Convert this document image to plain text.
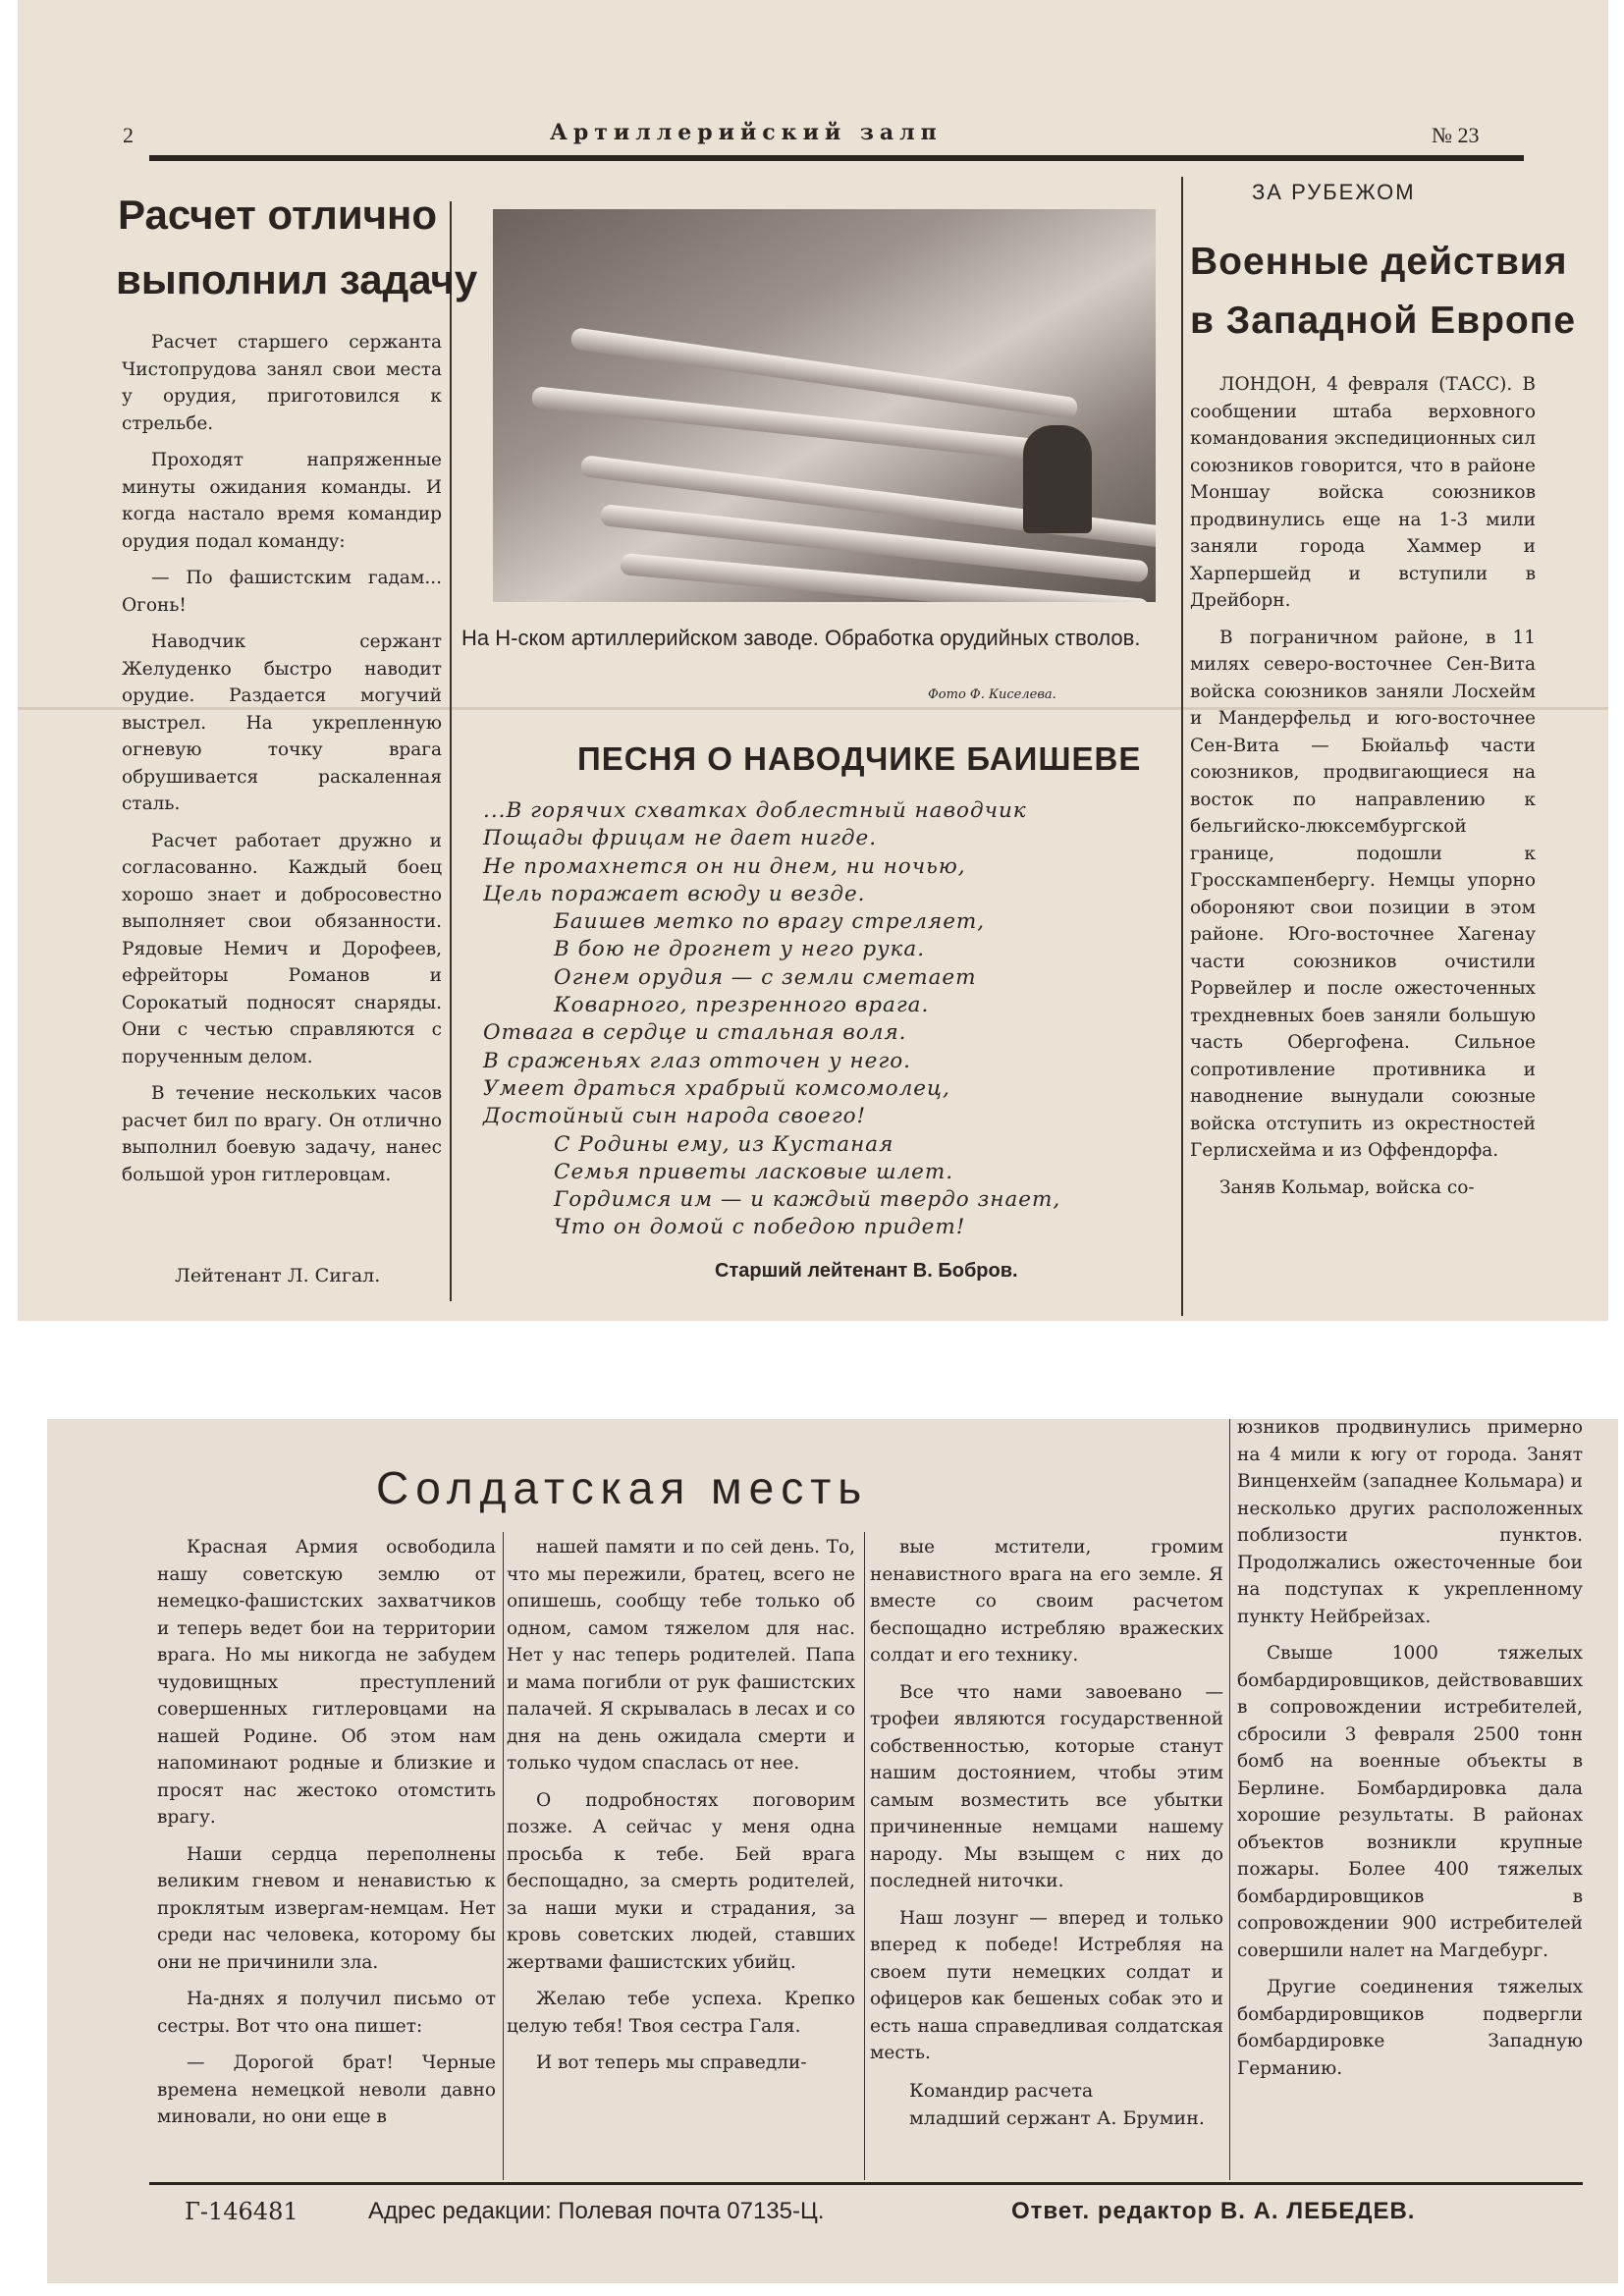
2	Артиллерийский залп	№ 23
Расчет отлично
выполнил задачу

Расчет старшего сержанта Чистопрудова занял свои места у орудия, приготовился к стрельбе.

Проходят напряженные минуты ожидания команды. И когда настало время командир орудия подал команду:

— По фашистским гадам... Огонь!

Наводчик сержант Желуденко быстро наводит орудие. Раздается могучий выстрел. На укрепленную огневую точку врага обрушивается раскаленная сталь.

Расчет работает дружно и согласованно. Каждый боец хорошо знает и добросовестно выполняет свои обязанности. Рядовые Немич и Дорофеев, ефрейторы Романов и Сорокатый подносят снаряды. Они с честью справляются с порученным делом.

В течение нескольких часов расчет бил по врагу. Он отлично выполнил боевую задачу, нанес большой урон гитлеровцам.

Лейтенант Л. Сигал.
На Н-ском артиллерийском заводе. Обработка орудийных стволов.
Фото Ф. Киселева.
ПЕСНЯ О НАВОДЧИКЕ БАИШЕВЕ
...В горячих схватках доблестный наводчик
Пощады фрицам не дает нигде.
Не промахнется он ни днем, ни ночью,
Цель поражает всюду и везде.
Баишев метко по врагу стреляет,
В бою не дрогнет у него рука.
Огнем орудия — с земли сметает
Коварного, презренного врага.
Отвага в сердце и стальная воля.
В сраженьях глаз отточен у него.
Умеет драться храбрый комсомолец,
Достойный сын народа своего!
С Родины ему, из Кустаная
Семья приветы ласковые шлет.
Гордимся им — и каждый твердо знает,
Что он домой с победою придет!
Старший лейтенант В. Бобров.
ЗА РУБЕЖОМ
Военные действия
в Западной Европе

ЛОНДОН, 4 февраля (ТАСС). В сообщении штаба верховного командования экспедиционных сил союзников говорится, что в районе Моншау войска союзников продвинулись еще на 1-3 мили заняли города Хаммер и Харпершейд и вступили в Дрейборн.

В пограничном районе, в 11 милях северо-восточнее Сен-Вита войска союзников заняли Лосхейм и Мандерфельд и юго-восточнее Сен-Вита — Бюйальф части союзников, продвигающиеся на восток по направлению к бельгийско-люксембургской границе, подошли к Гросскампенбергу. Немцы упорно обороняют свои позиции в этом районе. Юго-восточнее Хагенау части союзников очистили Рорвейлер и после ожесточенных трехдневных боев заняли большую часть Обергофена. Сильное сопротивление противника и наводнение вынудали союзные войска отступить из окрестностей Герлисхейма и из Оффендорфа.

Заняв Кольмар, войска со-

Солдатская месть

Красная Армия освободила нашу советскую землю от немецко-фашистских захватчиков и теперь ведет бои на территории врага. Но мы никогда не забудем чудовищных преступлений совершенных гитлеровцами на нашей Родине. Об этом нам напоминают родные и близкие и просят нас жестоко отомстить врагу.

Наши сердца переполнены великим гневом и ненавистью к проклятым извергам-немцам. Нет среди нас человека, которому бы они не причинили зла.

На-днях я получил письмо от сестры. Вот что она пишет:

— Дорогой брат! Черные времена немецкой неволи давно миновали, но они еще в

нашей памяти и по сей день. То, что мы пережили, братец, всего не опишешь, сообщу тебе только об одном, самом тяжелом для нас. Нет у нас теперь родителей. Папа и мама погибли от рук фашистских палачей. Я скрывалась в лесах и со дня на день ожидала смерти и только чудом спаслась от нее.

О подробностях поговорим позже. А сейчас у меня одна просьба к тебе. Бей врага беспощадно, за смерть родителей, за наши муки и страдания, за кровь советских людей, ставших жертвами фашистских убийц.

Желаю тебе успеха. Крепко целую тебя! Твоя сестра Галя.

И вот теперь мы справедли-

вые мстители, громим ненавистного врага на его земле. Я вместе со своим расчетом беспощадно истребляю вражеских солдат и его технику.

Все что нами завоевано — трофеи являются государственной собственностью, которые станут нашим достоянием, чтобы этим самым возместить все убытки причиненные немцами нашему народу. Мы взыщем с них до последней ниточки.

Наш лозунг — вперед и только вперед к победе! Истребляя на своем пути немецких солдат и офицеров как бешеных собак это и есть наша справедливая солдатская месть.

Командир расчета
младший сержант А. Брумин.

юзников продвинулись примерно на 4 мили к югу от города. Занят Винценхейм (западнее Кольмара) и несколько других расположенных поблизости пунктов. Продолжались ожесточенные бои на подступах к укрепленному пункту Нейбрейзах.

Свыше 1000 тяжелых бомбардировщиков, действовавших в сопровождении истребителей, сбросили 3 февраля 2500 тонн бомб на военные объекты в Берлине. Бомбардировка дала хорошие результаты. В районах объектов возникли крупные пожары. Более 400 тяжелых бомбардировщиков в сопровождении 900 истребителей совершили налет на Магдебург.

Другие соединения тяжелых бомбардировщиков подвергли бомбардировке Западную Германию.

Г-146481	Адрес редакции: Полевая почта 07135-Ц.	Ответ. редактор В. А. ЛЕБЕДЕВ.
